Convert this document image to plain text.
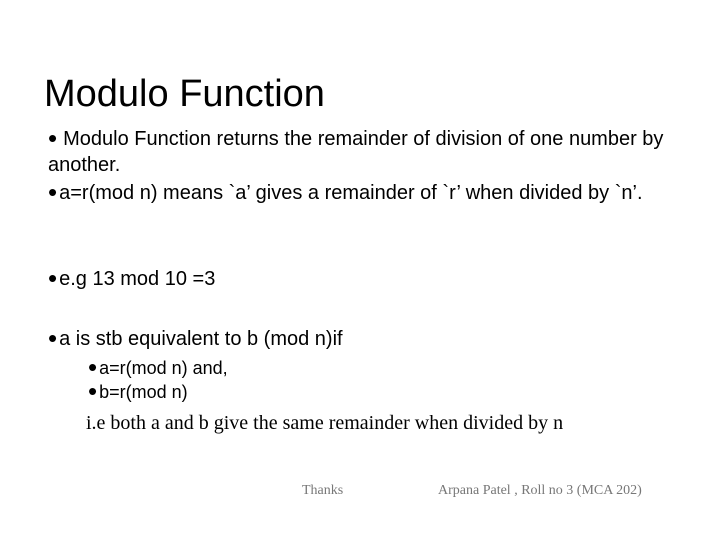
Modulo Function
• Modulo Function returns the remainder of division of one number by another.
• a=r(mod n) means `a’ gives a remainder of `r’ when divided by `n’.
• e.g 13 mod 10 =3
• a is stb equivalent to b (mod n)if
• a=r(mod n) and,
• b=r(mod n)
i.e both a and b give the same remainder when divided by n
Thanks	Arpana Patel , Roll no 3 (MCA 202)
